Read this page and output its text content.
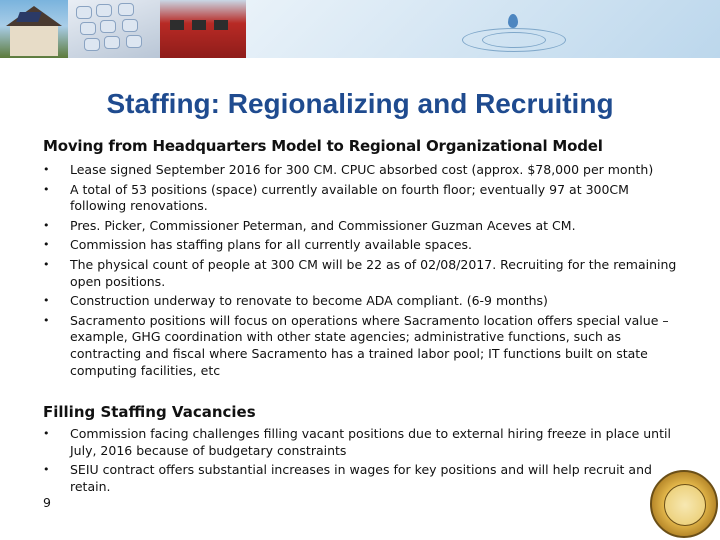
Staffing: Regionalizing and Recruiting
Moving from Headquarters Model to Regional Organizational Model
• Lease signed September 2016 for 300 CM. CPUC absorbed cost (approx. $78,000 per month)
• A total of 53 positions (space) currently available on fourth floor; eventually 97 at 300CM following renovations.
• Pres. Picker, Commissioner Peterman, and Commissioner Guzman Aceves at CM.
• Commission has staffing plans for all currently available spaces.
• The physical count of people at 300 CM will be 22 as of 02/08/2017. Recruiting for the remaining open positions.
• Construction underway to renovate to become ADA compliant. (6-9 months)
• Sacramento positions will focus on operations where Sacramento location offers special value – example, GHG coordination with other state agencies; administrative functions, such as contracting and fiscal where Sacramento has a trained labor pool; IT functions built on state computing facilities, etc
Filling Staffing Vacancies
• Commission facing challenges filling vacant positions due to external hiring freeze in place until July, 2016 because of budgetary constraints
• SEIU contract offers substantial increases in wages for key positions and will help recruit and retain.
9
